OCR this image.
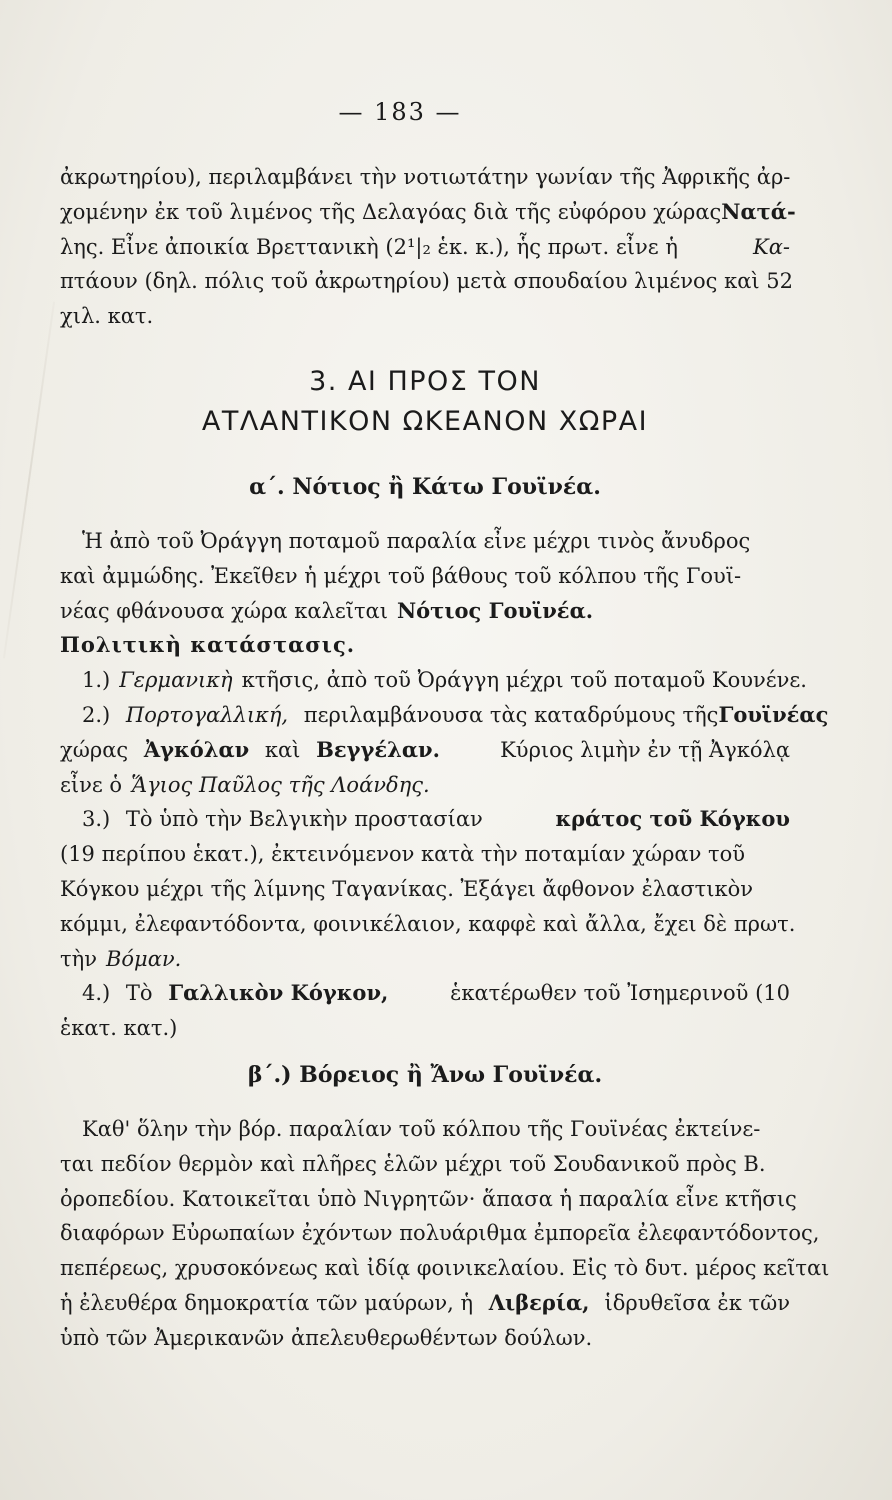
— 183 —
ἀκρωτηρίου), περιλαμβάνει τὴν νοτιωτάτην γωνίαν τῆς Ἀφρικῆς ἀρ-
χομένην ἐκ τοῦ λιμένος τῆς Δελαγόας διὰ τῆς εὐφόρου χώρας Νατά-
λης. Εἶνε ἀποικία Βρεττανικὴ (2¹|₂ ἑκ. κ.), ἧς πρωτ. εἶνε ἡ	Κα-
πτάουν (δηλ. πόλις τοῦ ἀκρωτηρίου) μετὰ σπουδαίου λιμένος καὶ 52
χιλ. κατ.
3. ΑΙ ΠΡΟΣ ΤΟΝ
ΑΤΛΑΝΤΙΚΟΝ ΩΚΕΑΝΟΝ ΧΩΡΑΙ
α΄. Νότιος ἢ Κάτω Γουϊνέα.
Ἡ ἀπὸ τοῦ Ὀράγγη ποταμοῦ παραλία εἶνε μέχρι τινὸς ἄνυδρος
καὶ ἀμμώδης. Ἐκεῖθεν ἡ μέχρι τοῦ βάθους τοῦ κόλπου τῆς Γουϊ-
νέας φθάνουσα χώρα καλεῖται Νότιος Γουϊνέα.
Πολιτικὴ κατάστασις.
1.) Γερμανικὴ κτῆσις, ἀπὸ τοῦ Ὀράγγη μέχρι τοῦ ποταμοῦ Κουνένε.
2.) Πορτογαλλική, περιλαμβάνουσα τὰς καταδρύμους τῆς Γουϊνέας
χώρας Ἀγκόλαν καὶ Βεγγέλαν.	Κύριος λιμὴν ἐν τῇ Ἀγκόλᾳ
εἶνε ὁ Ἅγιος Παῦλος τῆς Λοάνδης.
3.) Τὸ ὑπὸ τὴν Βελγικὴν προστασίαν	κράτος τοῦ Κόγκου
(19 περίπου ἑκατ.), ἐκτεινόμενον κατὰ τὴν ποταμίαν χώραν τοῦ
Κόγκου μέχρι τῆς λίμνης Ταγανίκας. Ἐξάγει ἄφθονον ἐλαστικὸν
κόμμι, ἐλεφαντόδοντα, φοινικέλαιον, καφφὲ καὶ ἄλλα, ἔχει δὲ πρωτ.
τὴν Βόμαν.
4.) Τὸ Γαλλικὸν Κόγκον,	ἑκατέρωθεν τοῦ Ἰσημερινοῦ (10
ἑκατ. κατ.)
β΄.) Βόρειος ἢ Ἄνω Γουϊνέα.
Καθ' ὅλην τὴν βόρ. παραλίαν τοῦ κόλπου τῆς Γουϊνέας ἐκτείνε-
ται πεδίον θερμὸν καὶ πλῆρες ἑλῶν μέχρι τοῦ Σουδανικοῦ πρὸς Β.
ὀροπεδίου. Κατοικεῖται ὑπὸ Νιγρητῶν· ἅπασα ἡ παραλία εἶνε κτῆσις
διαφόρων Εὐρωπαίων ἐχόντων πολυάριθμα ἐμπορεῖα ἐλεφαντόδοντος,
πεπέρεως, χρυσοκόνεως καὶ ἰδίᾳ φοινικελαίου. Εἰς τὸ δυτ. μέρος κεῖται
ἡ ἐλευθέρα δημοκρατία τῶν μαύρων, ἡ Λιβερία, ἱδρυθεῖσα ἐκ τῶν
ὑπὸ τῶν Ἀμερικανῶν ἀπελευθερωθέντων δούλων.
